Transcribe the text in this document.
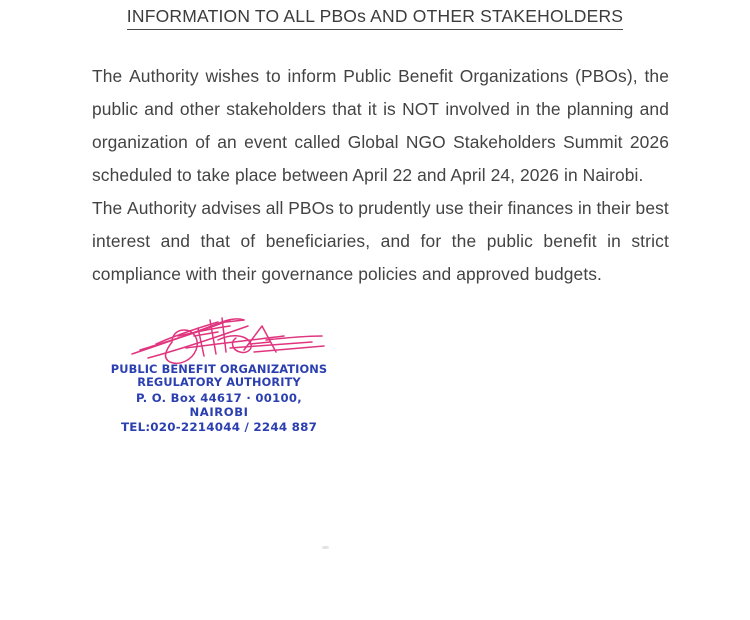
INFORMATION TO ALL PBOs AND OTHER STAKEHOLDERS
The Authority wishes to inform Public Benefit Organizations (PBOs), the
public and other stakeholders that it is NOT involved in the planning and
organization of an event called Global NGO Stakeholders Summit 2026
scheduled to take place between April 22 and April 24, 2026 in Nairobi.
The Authority advises all PBOs to prudently use their finances in their best
interest and that of beneficiaries, and for the public benefit in strict
compliance with their governance policies and approved budgets.
PUBLIC BENEFIT ORGANIZATIONS
REGULATORY AUTHORITY
P. O. Box 44617 · 00100,
NAIROBI
TEL:020-2214044 / 2244 887
